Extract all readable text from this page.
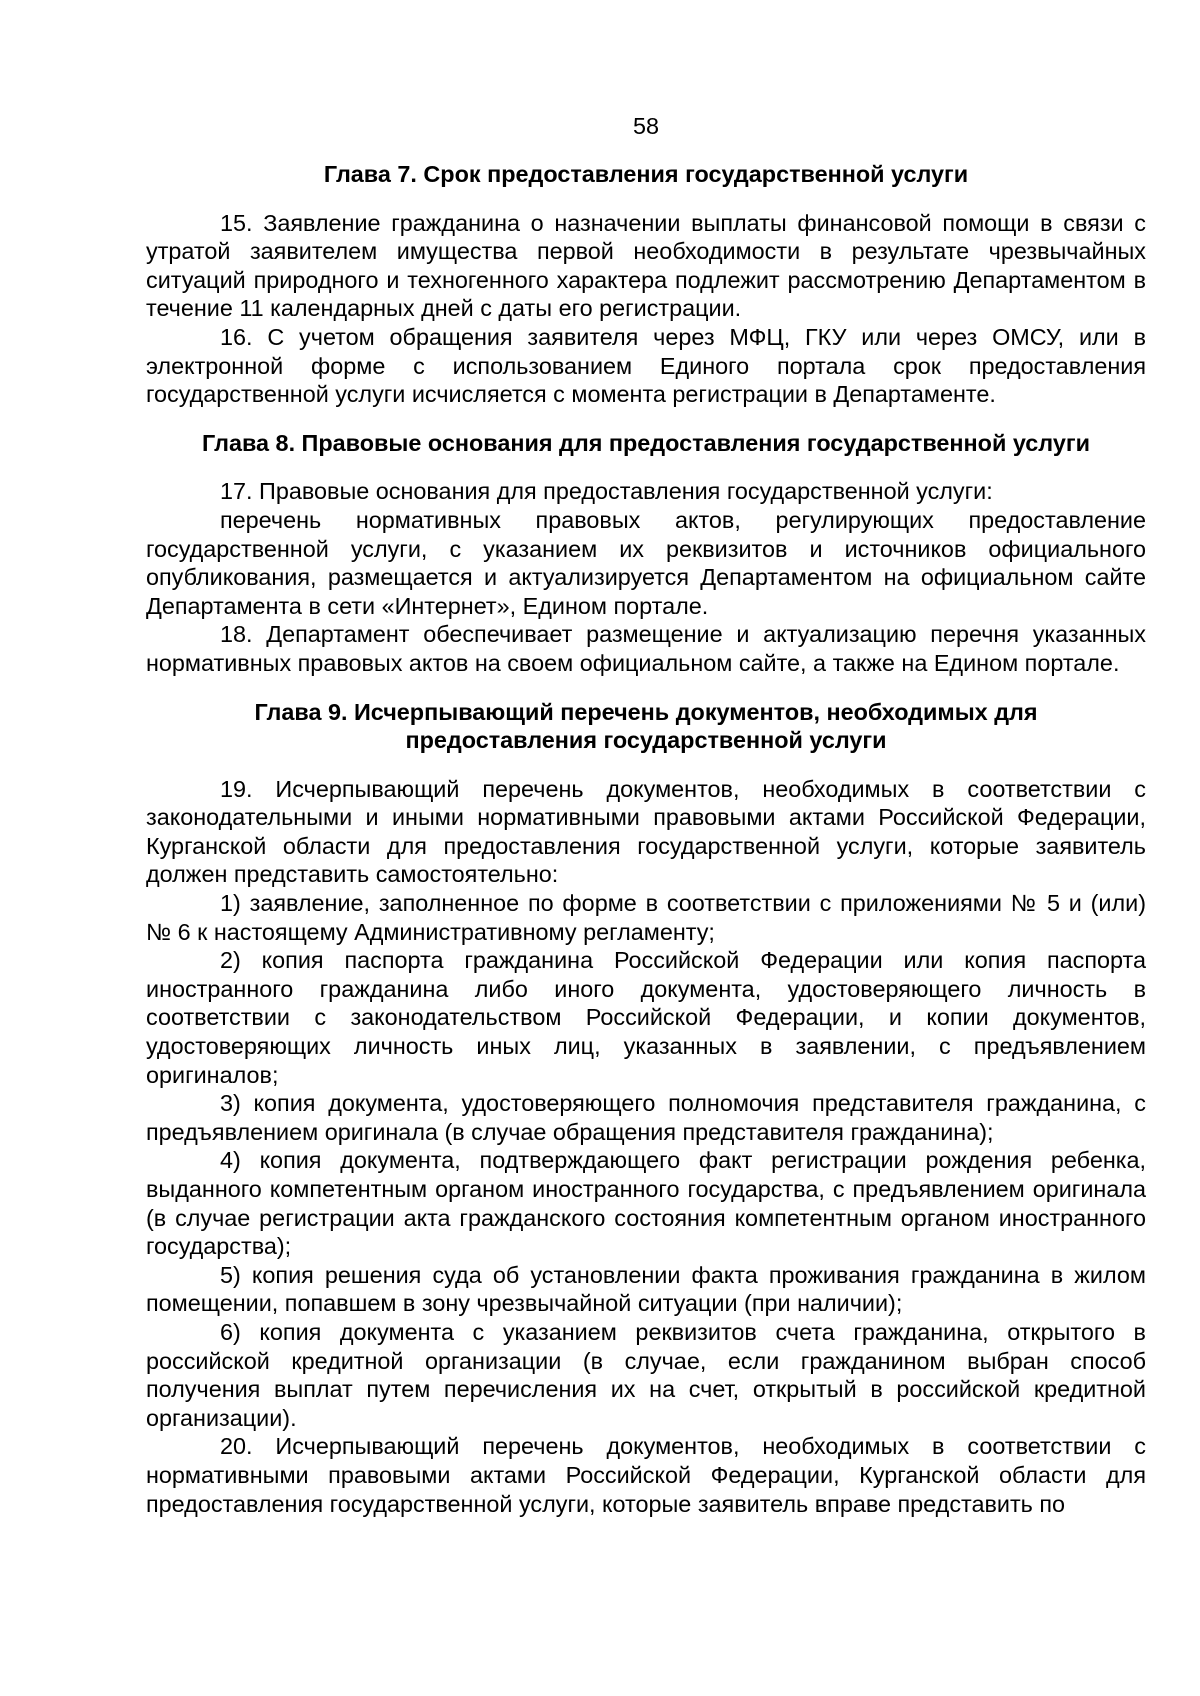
58
Глава 7. Срок предоставления государственной услуги

15. Заявление гражданина о назначении выплаты финансовой помощи в связи с утратой заявителем имущества первой необходимости в результате чрезвычайных ситуаций природного и техногенного характера подлежит рассмотрению Департаментом в течение 11 календарных дней с даты его регистрации.

16. С учетом обращения заявителя через МФЦ, ГКУ или через ОМСУ, или в электронной форме с использованием Единого портала срок предоставления государственной услуги исчисляется с момента регистрации в Департаменте.

Глава 8. Правовые основания для предоставления государственной услуги

17. Правовые основания для предоставления государственной услуги:

перечень нормативных правовых актов, регулирующих предоставление государственной услуги, с указанием их реквизитов и источников официального опубликования, размещается и актуализируется Департаментом на официальном сайте Департамента в сети «Интернет», Едином портале.

18. Департамент обеспечивает размещение и актуализацию перечня указанных нормативных правовых актов на своем официальном сайте, а также на Едином портале.

Глава 9. Исчерпывающий перечень документов, необходимых для предоставления государственной услуги

19. Исчерпывающий перечень документов, необходимых в соответствии с законодательными и иными нормативными правовыми актами Российской Федерации, Курганской области для предоставления государственной услуги, которые заявитель должен представить самостоятельно:

1) заявление, заполненное по форме в соответствии с приложениями № 5 и (или) № 6 к настоящему Административному регламенту;

2) копия паспорта гражданина Российской Федерации или копия паспорта иностранного гражданина либо иного документа, удостоверяющего личность в соответствии с законодательством Российской Федерации, и копии документов, удостоверяющих личность иных лиц, указанных в заявлении, с предъявлением оригиналов;

3) копия документа, удостоверяющего полномочия представителя гражданина, с предъявлением оригинала (в случае обращения представителя гражданина);

4) копия документа, подтверждающего факт регистрации рождения ребенка, выданного компетентным органом иностранного государства, с предъявлением оригинала (в случае регистрации акта гражданского состояния компетентным органом иностранного государства);

5) копия решения суда об установлении факта проживания гражданина в жилом помещении, попавшем в зону чрезвычайной ситуации (при наличии);

6) копия документа с указанием реквизитов счета гражданина, открытого в российской кредитной организации (в случае, если гражданином выбран способ получения выплат путем перечисления их на счет, открытый в российской кредитной организации).

20. Исчерпывающий перечень документов, необходимых в соответствии с нормативными правовыми актами Российской Федерации, Курганской области для предоставления государственной услуги, которые заявитель вправе представить по
